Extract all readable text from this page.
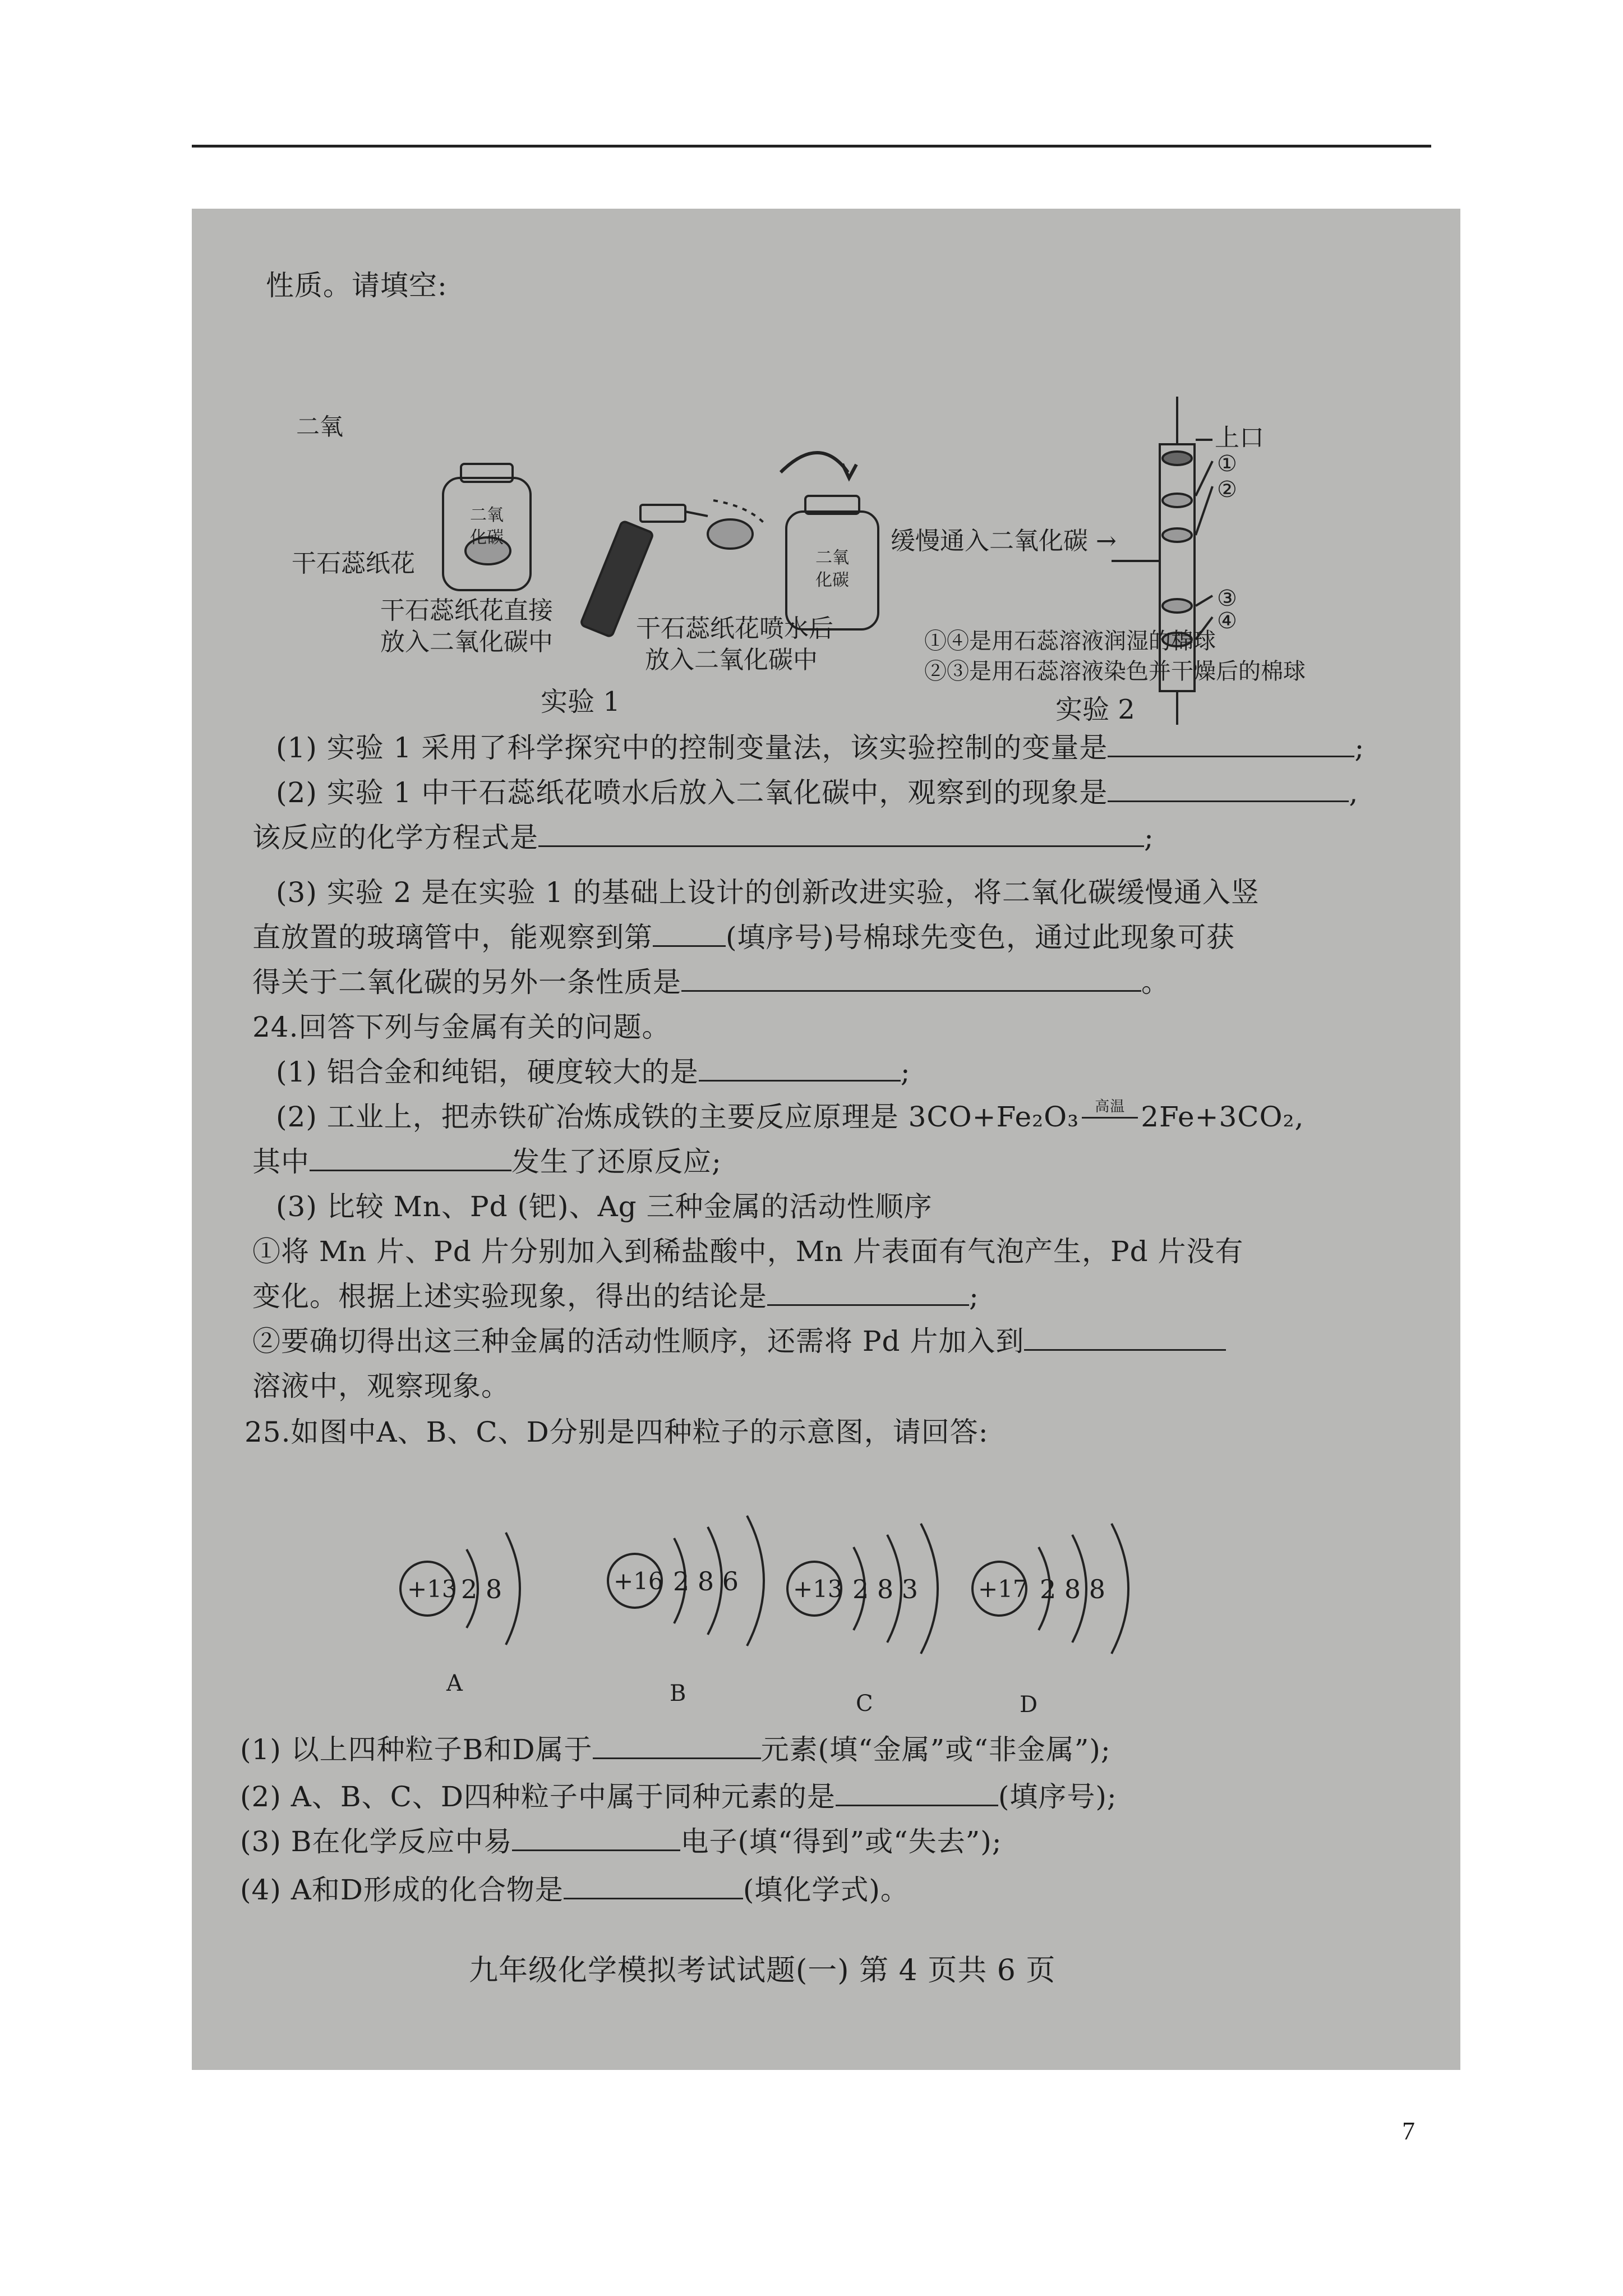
性质。请填空:
二氧
二氧
化碳
二氧
化碳
干石蕊纸花
干石蕊纸花直接
放入二氧化碳中	干石蕊纸花喷水后
放入二氧化碳中
实验 1
缓慢通入二氧化碳 →
上口
①
②
③
④
①④是用石蕊溶液润湿的棉球
②③是用石蕊溶液染色并干燥后的棉球
实验 2
(1) 实验 1 采用了科学探究中的控制变量法，该实验控制的变量是	;
(2) 实验 1 中干石蕊纸花喷水后放入二氧化碳中，观察到的现象是	,
该反应的化学方程式是	;
(3) 实验 2 是在实验 1 的基础上设计的创新改进实验，将二氧化碳缓慢通入竖
直放置的玻璃管中，能观察到第	(填序号)号棉球先变色，通过此现象可获
得关于二氧化碳的另外一条性质是	。
24.回答下列与金属有关的问题。
(1) 铝合金和纯铝，硬度较大的是	;
(2) 工业上，把赤铁矿冶炼成铁的主要反应原理是 3CO+Fe₂O₃	高温 2Fe+3CO₂,
其中	发生了还原反应;
(3) 比较 Mn、Pd (钯)、Ag 三种金属的活动性顺序
①将 Mn 片、Pd 片分别加入到稀盐酸中，Mn 片表面有气泡产生，Pd 片没有
变化。根据上述实验现象，得出的结论是	;
②要确切得出这三种金属的活动性顺序，还需将 Pd 片加入到
溶液中，观察现象。
25.如图中A、B、C、D分别是四种粒子的示意图，请回答:
+13 2 8
A
+16 2 8 6
B
+13 2 8 3
C
+17 2 8 8
D
(1) 以上四种粒子B和D属于	元素(填“金属”或“非金属”);
(2) A、B、C、D四种粒子中属于同种元素的是	(填序号);
(3) B在化学反应中易	电子(填“得到”或“失去”);
(4) A和D形成的化合物是	(填化学式)。
九年级化学模拟考试试题(一) 第 4 页共 6 页
7
